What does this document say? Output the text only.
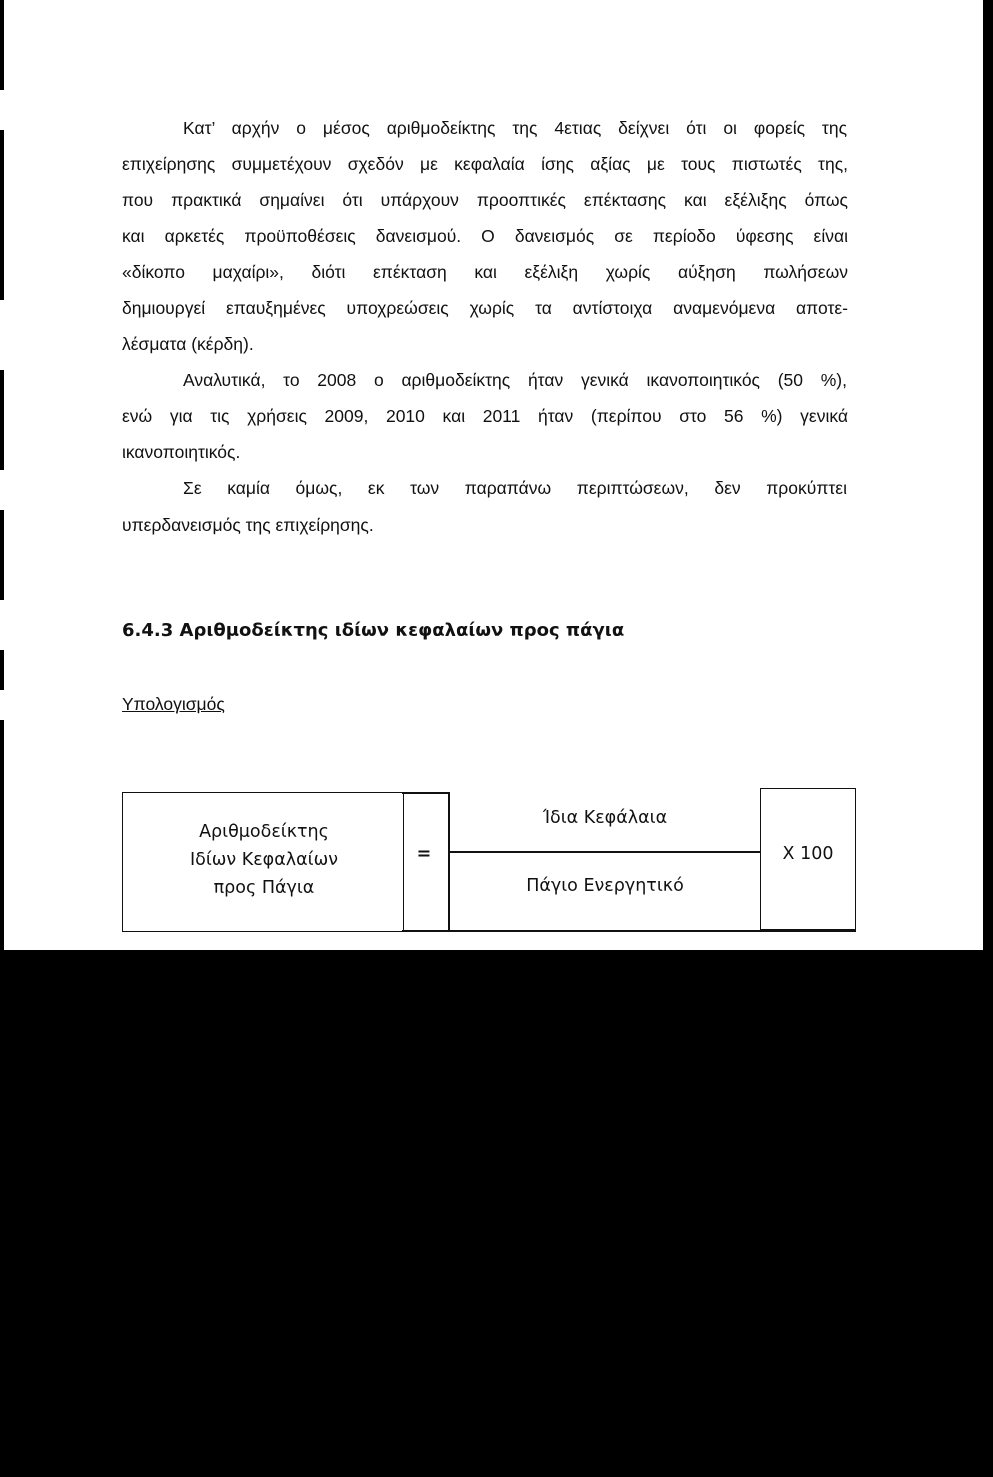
Κατ’ αρχήν ο μέσος αριθμοδείκτης της 4ετιας δείχνει ότι οι φορείς της
επιχείρησης συμμετέχουν σχεδόν με κεφαλαία ίσης αξίας με τους πιστωτές της,
που πρακτικά σημαίνει ότι υπάρχουν προοπτικές επέκτασης και εξέλιξης όπως
και αρκετές προϋποθέσεις δανεισμού. Ο δανεισμός σε περίοδο ύφεσης είναι
«δίκοπο μαχαίρι», διότι επέκταση και εξέλιξη χωρίς αύξηση πωλήσεων
δημιουργεί επαυξημένες υποχρεώσεις χωρίς τα αντίστοιχα αναμενόμενα αποτε-
λέσματα (κέρδη).
Αναλυτικά, το 2008 ο αριθμοδείκτης ήταν γενικά ικανοποιητικός (50 %),
ενώ για τις χρήσεις 2009, 2010 και 2011 ήταν (περίπου στο 56 %) γενικά
ικανοποιητικός.
Σε καμία όμως, εκ των παραπάνω περιπτώσεων, δεν προκύπτει
υπερδανεισμός της επιχείρησης.
6.4.3 Αριθμοδείκτης ιδίων κεφαλαίων προς πάγια
Υπολογισμός
Αριθμοδείκτης
Ιδίων Κεφαλαίων
προς Πάγια
=
Ίδια Κεφάλαια
Πάγιο Ενεργητικό
Χ 100
